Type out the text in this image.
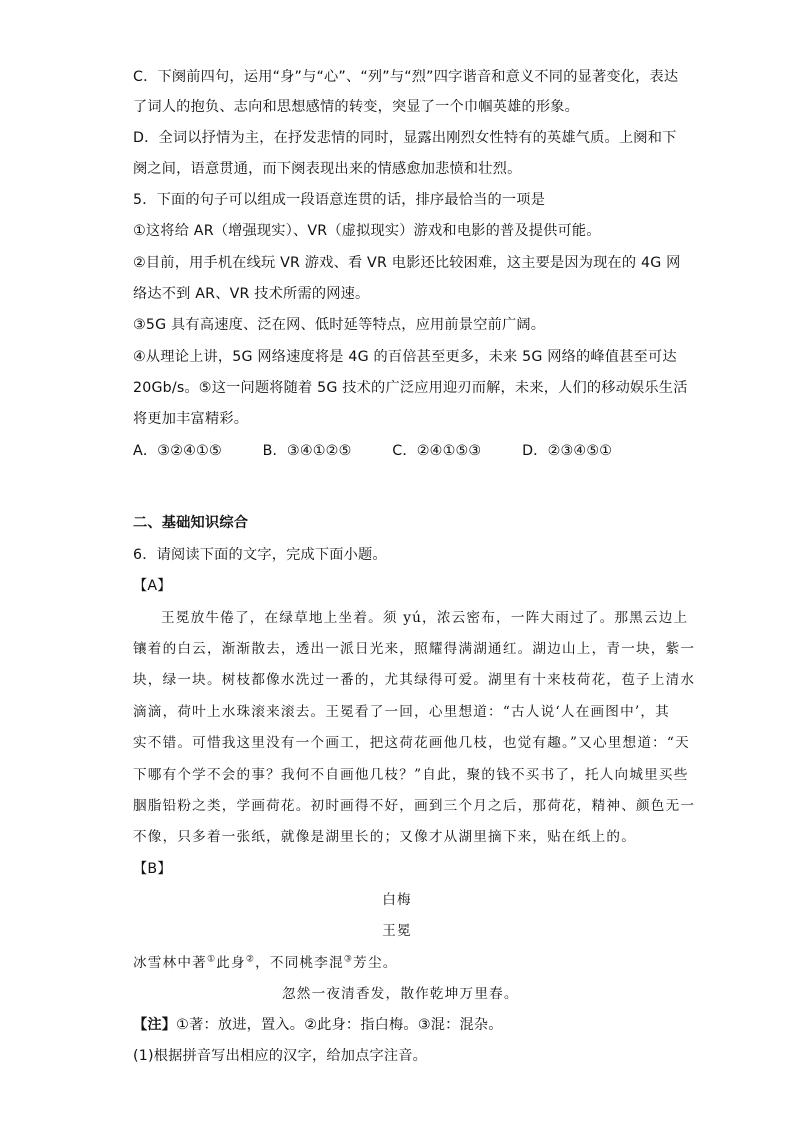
C．下阕前四句，运用“身”与“心”、“列”与“烈”四字谐音和意义不同的显著变化，表达
了词人的抱负、志向和思想感情的转变，突显了一个巾帼英雄的形象。
D．全词以抒情为主，在抒发悲情的同时，显露出刚烈女性特有的英雄气质。上阕和下
阕之间，语意贯通，而下阕表现出来的情感愈加悲愤和壮烈。
5．下面的句子可以组成一段语意连贯的话，排序最恰当的一项是
①这将给 AR（增强现实）、VR（虚拟现实）游戏和电影的普及提供可能。
②目前，用手机在线玩 VR 游戏、看 VR 电影还比较困难，这主要是因为现在的 4G 网
络达不到 AR、VR 技术所需的网速。
③5G 具有高速度、泛在网、低时延等特点，应用前景空前广阔。
④从理论上讲，5G 网络速度将是 4G 的百倍甚至更多，未来 5G 网络的峰值甚至可达
20Gb/s。⑤这一问题将随着 5G 技术的广泛应用迎刃而解，未来，人们的移动娱乐生活
将更加丰富精彩。
A．③②④①⑤	B．③④①②⑤	C．②④①⑤③	D．②③④⑤①
二、基础知识综合
6．请阅读下面的文字，完成下面小题。
【A】
王冕放牛倦了，在绿草地上坐着。须 yú，浓云密布，一阵大雨过了。那黑云边上
镶着的白云，渐渐散去，透出一派日光来，照耀得满湖通红。湖边山上，青一块，紫一
块，绿一块。树枝都像水洗过一番的，尤其绿得可爱。湖里有十来枝荷花，苞子上清水
滴滴，荷叶上水珠滚来滚去。王冕看了一回，心里想道：“古人说‘人在画图中’，其
实不错。可惜我这里没有一个画工，把这荷花画他几枝，也觉有趣。”又心里想道：“天
下哪有个学不会的事？我何不自画他几枝？”自此，聚的钱不买书了，托人向城里买些
胭脂铅粉之类，学画荷花。初时画得不好，画到三个月之后，那荷花，精神、颜色无一
不像，只多着一张纸，就像是湖里长的；又像才从湖里摘下来，贴在纸上的。
【B】
白梅
王冕
冰雪林中著①此身②，不同桃李混③芳尘。
忽然一夜清香发，散作乾坤万里春。
【注】①著：放进，置入。②此身：指白梅。③混：混杂。
(1)根据拼音写出相应的汉字，给加点字注音。
